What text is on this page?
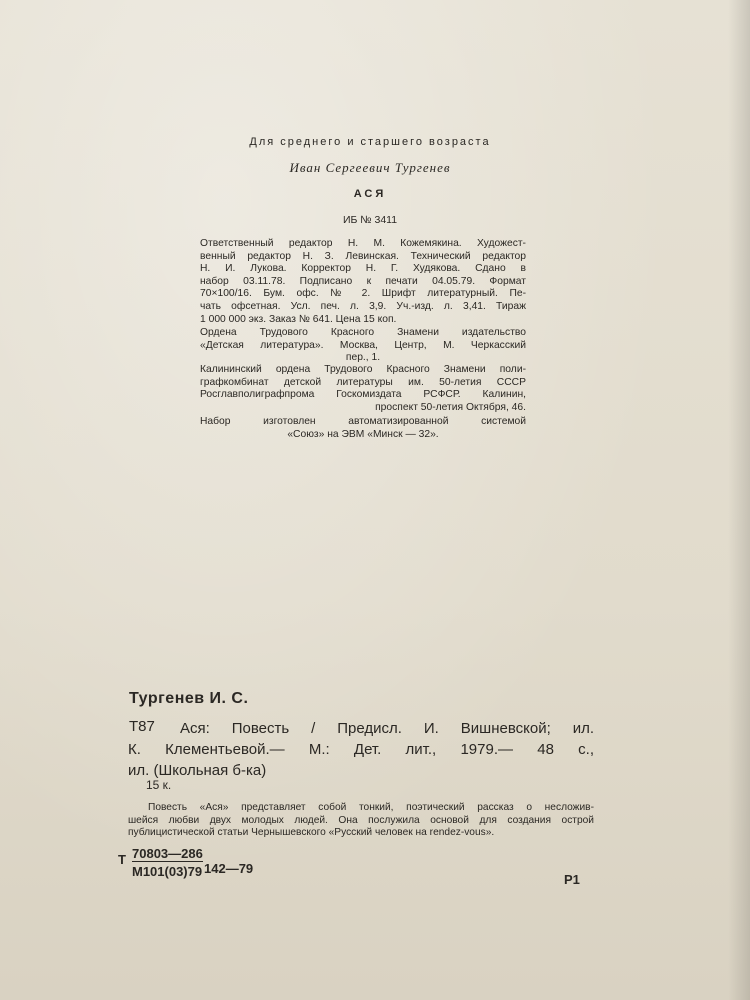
Для среднего и старшего возраста
Иван Сергеевич Тургенев
АСЯ
ИБ № 3411
Ответственный редактор Н. М. Кожемякина. Художест-
венный редактор Н. З. Левинская. Технический редактор
Н. И. Лукова. Корректор Н. Г. Худякова. Сдано в
набор 03.11.78. Подписано к печати 04.05.79. Формат
70×100/16. Бум. офс. № 2. Шрифт литературный. Пе-
чать офсетная. Усл. печ. л. 3,9. Уч.-изд. л. 3,41. Тираж
1 000 000 экз. Заказ № 641. Цена 15 коп.
Ордена Трудового Красного Знамени издательство
«Детская литература». Москва, Центр, М. Черкасский
пер., 1.
Калининский ордена Трудового Красного Знамени поли-
графкомбинат детской литературы им. 50-летия СССР
Росглавполиграфпрома Госкомиздата РСФСР. Калинин,
проспект 50-летия Октября, 46.
Набор изготовлен автоматизированной системой
«Союз» на ЭВМ «Минск — 32».
Тургенев И. С.
Т87	Ася: Повесть / Предисл. И. Вишневской; ил.
К. Клементьевой.— М.: Дет. лит., 1979.— 48 с.,
ил. (Школьная б-ка)
15 к.
Повесть «Ася» представляет собой тонкий, поэтический рассказ о несложив-
шейся любви двух молодых людей. Она послужила основой для создания острой
публицистической статьи Чернышевского «Русский человек на rendez-vous».
Т 70803—286
М101(03)79 142—79
Р1
